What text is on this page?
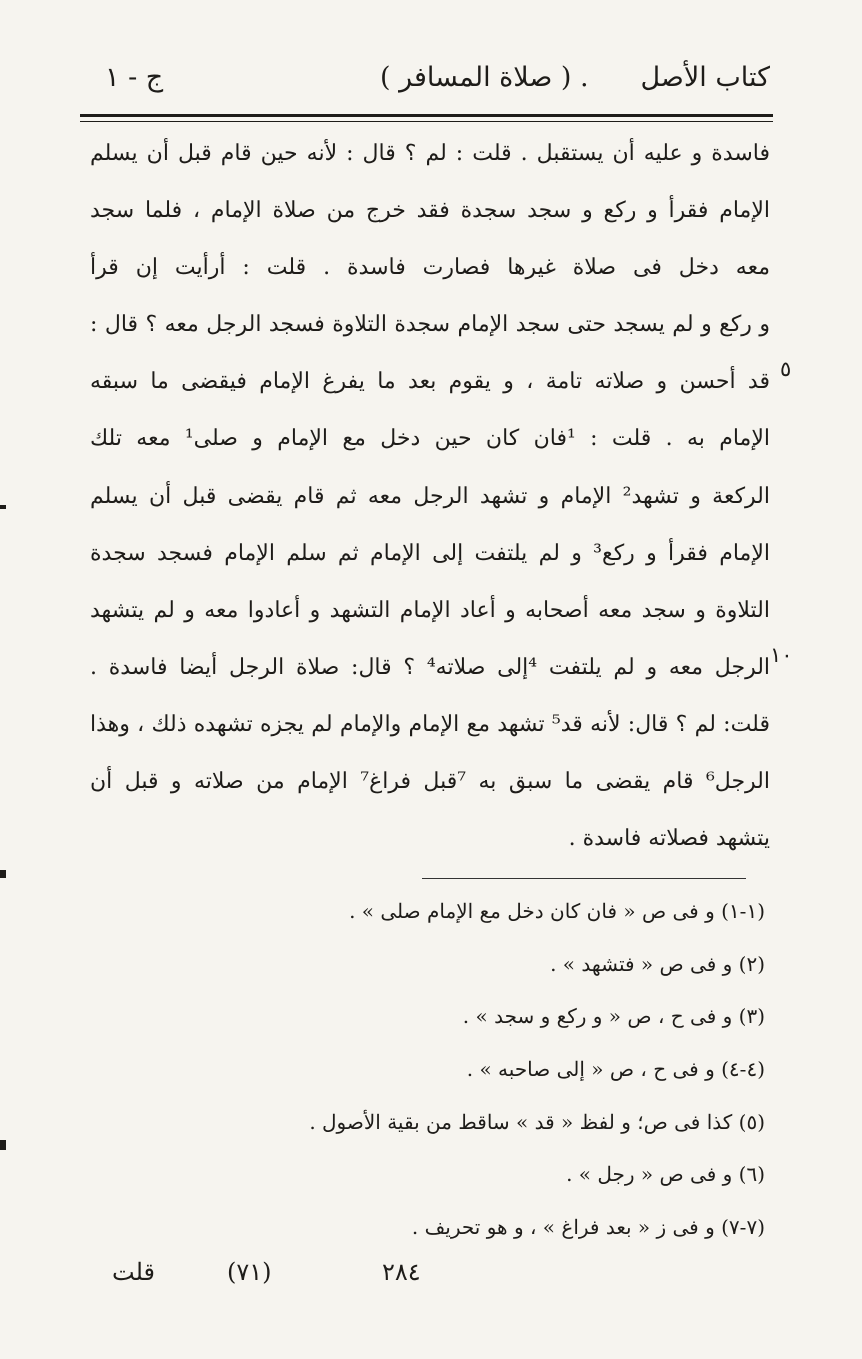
كتاب الأصل
. ( صلاة المسافر )
ج - ١
فاسدة و عليه أن يستقبل . قلت : لم ؟ قال : لأنه حين قام قبل أن يسلم
الإمام فقرأ و ركع و سجد سجدة فقد خرج من صلاة الإمام ، فلما سجد
معه دخل فى صلاة غيرها فصارت فاسدة . قلت : أرأيت إن قرأ
و ركع و لم يسجد حتى سجد الإمام سجدة التلاوة فسجد الرجل معه ؟ قال :
قد أحسن و صلاته تامة ، و يقوم بعد ما يفرغ الإمام فيقضى ما سبقه
الإمام به . قلت : ¹فان كان حين دخل مع الإمام و صلى¹ معه تلك
الركعة و تشهد² الإمام و تشهد الرجل معه ثم قام يقضى قبل أن يسلم
الإمام فقرأ و ركع³ و لم يلتفت إلى الإمام ثم سلم الإمام فسجد سجدة
التلاوة و سجد معه أصحابه و أعاد الإمام التشهد و أعادوا معه و لم يتشهد
الرجل معه و لم يلتفت ⁴إلى صلاته⁴ ؟ قال: صلاة الرجل أيضا فاسدة .
قلت: لم ؟ قال: لأنه قد⁵ تشهد مع الإمام والإمام لم يجزه تشهده ذلك ، وهذا
الرجل⁶ قام يقضى ما سبق به ⁷قبل فراغ⁷ الإمام من صلاته و قبل أن
يتشهد فصلاته فاسدة .
٥
١٠
(١-١) و فى ص « فان كان دخل مع الإمام صلى » .
(٢) و فى ص « فتشهد » .
(٣) و فى ح ، ص « و ركع و سجد » .
(٤-٤) و فى ح ، ص « إلى صاحبه » .
(٥) كذا فى ص؛ و لفظ « قد » ساقط من بقية الأصول .
(٦) و فى ص « رجل » .
(٧-٧) و فى ز « بعد فراغ » ، و هو تحريف .
قلت	(٧١)	٢٨٤
